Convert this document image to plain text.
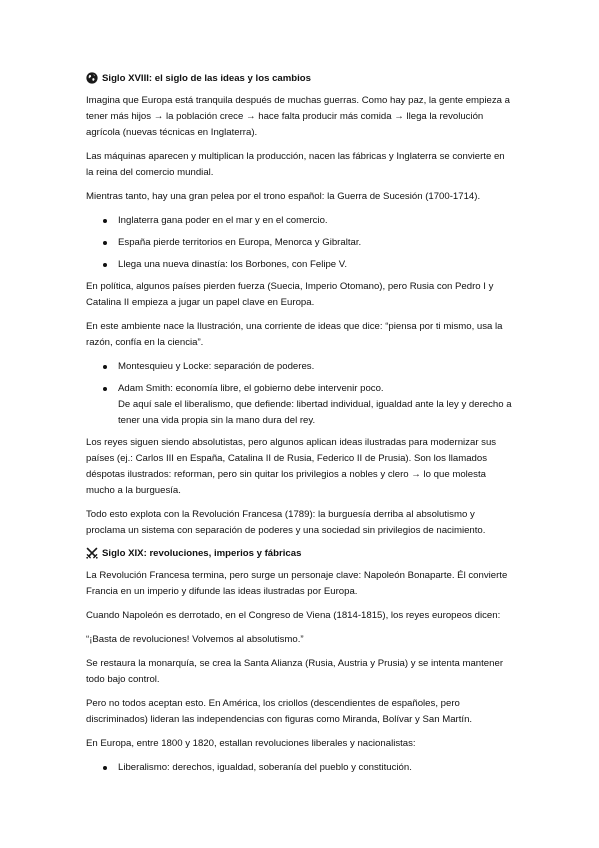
Siglo XVIII: el siglo de las ideas y los cambios

Imagina que Europa está tranquila después de muchas guerras. Como hay paz, la gente empieza a tener más hijos → la población crece → hace falta producir más comida → llega la revolución agrícola (nuevas técnicas en Inglaterra).

Las máquinas aparecen y multiplican la producción, nacen las fábricas y Inglaterra se convierte en la reina del comercio mundial.

Mientras tanto, hay una gran pelea por el trono español: la Guerra de Sucesión (1700-1714).

Inglaterra gana poder en el mar y en el comercio.
España pierde territorios en Europa, Menorca y Gibraltar.
Llega una nueva dinastía: los Borbones, con Felipe V.

En política, algunos países pierden fuerza (Suecia, Imperio Otomano), pero Rusia con Pedro I y Catalina II empieza a jugar un papel clave en Europa.

En este ambiente nace la Ilustración, una corriente de ideas que dice: “piensa por ti mismo, usa la razón, confía en la ciencia”.

Montesquieu y Locke: separación de poderes.
Adam Smith: economía libre, el gobierno debe intervenir poco.
De aquí sale el liberalismo, que defiende: libertad individual, igualdad ante la ley y derecho a tener una vida propia sin la mano dura del rey.

Los reyes siguen siendo absolutistas, pero algunos aplican ideas ilustradas para modernizar sus países (ej.: Carlos III en España, Catalina II de Rusia, Federico II de Prusia). Son los llamados déspotas ilustrados: reforman, pero sin quitar los privilegios a nobles y clero → lo que molesta mucho a la burguesía.

Todo esto explota con la Revolución Francesa (1789): la burguesía derriba al absolutismo y proclama un sistema con separación de poderes y una sociedad sin privilegios de nacimiento.

Siglo XIX: revoluciones, imperios y fábricas

La Revolución Francesa termina, pero surge un personaje clave: Napoleón Bonaparte. Él convierte Francia en un imperio y difunde las ideas ilustradas por Europa.

Cuando Napoleón es derrotado, en el Congreso de Viena (1814-1815), los reyes europeos dicen:

“¡Basta de revoluciones! Volvemos al absolutismo.”

Se restaura la monarquía, se crea la Santa Alianza (Rusia, Austria y Prusia) y se intenta mantener todo bajo control.

Pero no todos aceptan esto. En América, los criollos (descendientes de españoles, pero discriminados) lideran las independencias con figuras como Miranda, Bolívar y San Martín.

En Europa, entre 1800 y 1820, estallan revoluciones liberales y nacionalistas:

Liberalismo: derechos, igualdad, soberanía del pueblo y constitución.
